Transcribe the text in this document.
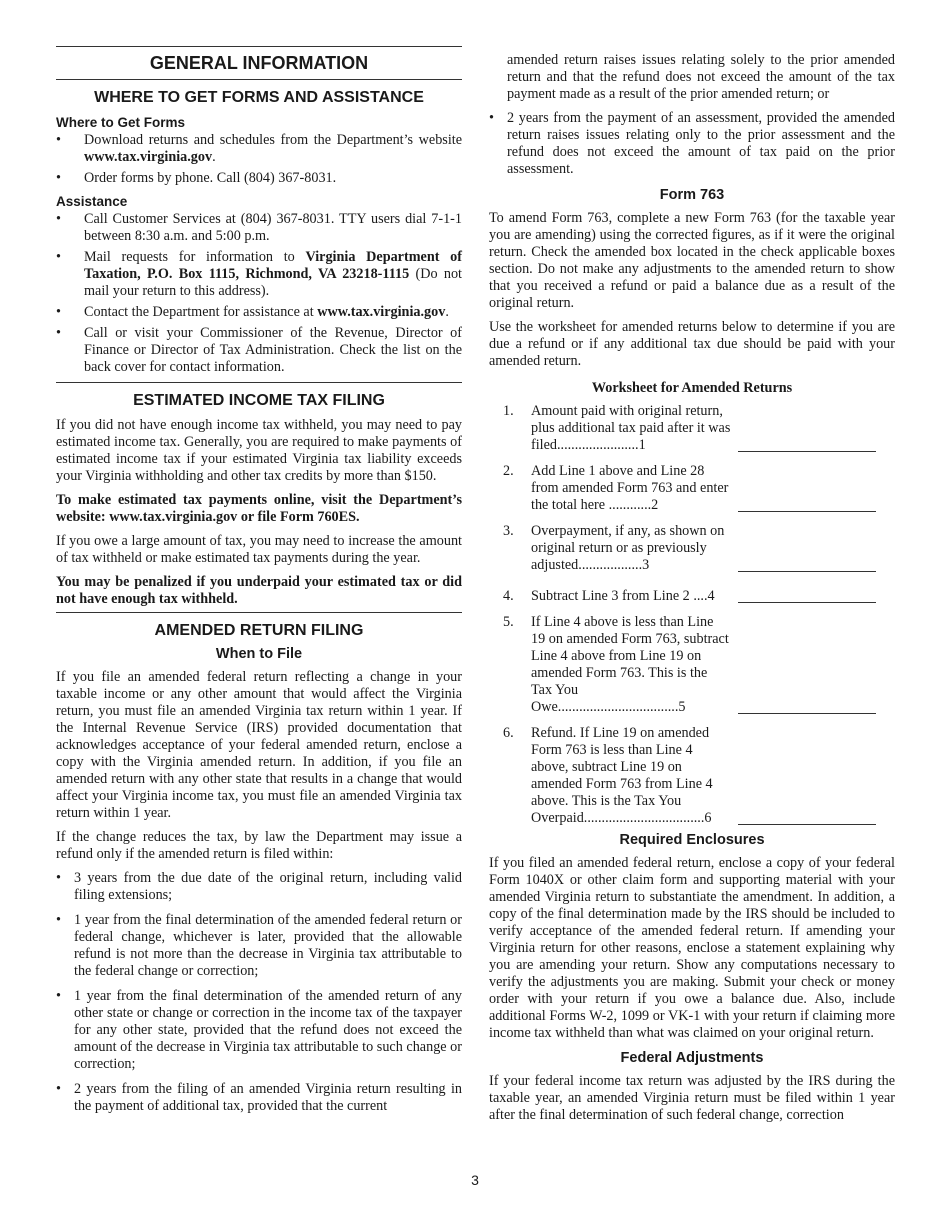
GENERAL INFORMATION
WHERE TO GET FORMS AND ASSISTANCE
Where to Get Forms
• Download returns and schedules from the Department’s website www.tax.virginia.gov.
• Order forms by phone. Call (804) 367-8031.
Assistance
• Call Customer Services at (804) 367-8031. TTY users dial 7-1-1 between 8:30 a.m. and 5:00 p.m.
• Mail requests for information to Virginia Department of Taxation, P.O. Box 1115, Richmond, VA 23218-1115 (Do not mail your return to this address).
• Contact the Department for assistance at www.tax.virginia.gov.
• Call or visit your Commissioner of the Revenue, Director of Finance or Director of Tax Administration. Check the list on the back cover for contact information.
ESTIMATED INCOME TAX FILING

If you did not have enough income tax withheld, you may need to pay estimated income tax. Generally, you are required to make payments of estimated income tax if your estimated Virginia tax liability exceeds your Virginia withholding and other tax credits by more than $150.

To make estimated tax payments online, visit the Department’s website: www.tax.virginia.gov or file Form 760ES.

If you owe a large amount of tax, you may need to increase the amount of tax withheld or make estimated tax payments during the year.

You may be penalized if you underpaid your estimated tax or did not have enough tax withheld.

AMENDED RETURN FILING
When to File

If you file an amended federal return reflecting a change in your taxable income or any other amount that would affect the Virginia return, you must file an amended Virginia tax return within 1 year. If the Internal Revenue Service (IRS) provided documentation that acknowledges acceptance of your federal amended return, enclose a copy with the Virginia amended return. In addition, if you file an amended return with any other state that results in a change that would affect your Virginia income tax, you must file an amended Virginia tax return within 1 year.

If the change reduces the tax, by law the Department may issue a refund only if the amended return is filed within:

• 3 years from the due date of the original return, including valid filing extensions;
• 1 year from the final determination of the amended federal return or federal change, whichever is later, provided that the allowable refund is not more than the decrease in Virginia tax attributable to the federal change or correction;
• 1 year from the final determination of the amended return of any other state or change or correction in the income tax of the taxpayer for any other state, provided that the refund does not exceed the amount of the decrease in Virginia tax attributable to such change or correction;
• 2 years from the filing of an amended Virginia return resulting in the payment of additional tax, provided that the current

amended return raises issues relating solely to the prior amended return and that the refund does not exceed the amount of the tax payment made as a result of the prior amended return; or

• 2 years from the payment of an assessment, provided the amended return raises issues relating only to the prior assessment and the refund does not exceed the amount of tax paid on the prior assessment.
Form 763

To amend Form 763, complete a new Form 763 (for the taxable year you are amending) using the corrected figures, as if it were the original return. Check the amended box located in the check applicable boxes section. Do not make any adjustments to the amended return to show that you received a refund or paid a balance due as a result of the original return.

Use the worksheet for amended returns below to determine if you are due a refund or if any additional tax due should be paid with your amended return.

Worksheet for Amended Returns
1. Amount paid with original return, plus additional tax paid after it was filed.......................1
2. Add Line 1 above and Line 28 from amended Form 763 and enter the total here ............2
3. Overpayment, if any, as shown on original return or as previously adjusted..................3
4. Subtract Line 3 from Line 2 ....4
5. If Line 4 above is less than Line 19 on amended Form 763, subtract Line 4 above from Line 19 on amended Form 763. This is the Tax You Owe..................................5
6. Refund. If Line 19 on amended Form 763 is less than Line 4 above, subtract Line 19 on amended Form 763 from Line 4 above. This is the Tax You Overpaid..................................6
Required Enclosures

If you filed an amended federal return, enclose a copy of your federal Form 1040X or other claim form and supporting material with your amended Virginia return to substantiate the amendment. In addition, a copy of the final determination made by the IRS should be included to verify acceptance of the amended federal return. If amending your Virginia return for other reasons, enclose a statement explaining why you are amending your return. Show any computations necessary to verify the adjustments you are making. Submit your check or money order with your return if you owe a balance due. Also, include additional Forms W-2, 1099 or VK-1 with your return if claiming more income tax withheld than what was claimed on your original return.

Federal Adjustments

If your federal income tax return was adjusted by the IRS during the taxable year, an amended Virginia return must be filed within 1 year after the final determination of such federal change, correction

3
